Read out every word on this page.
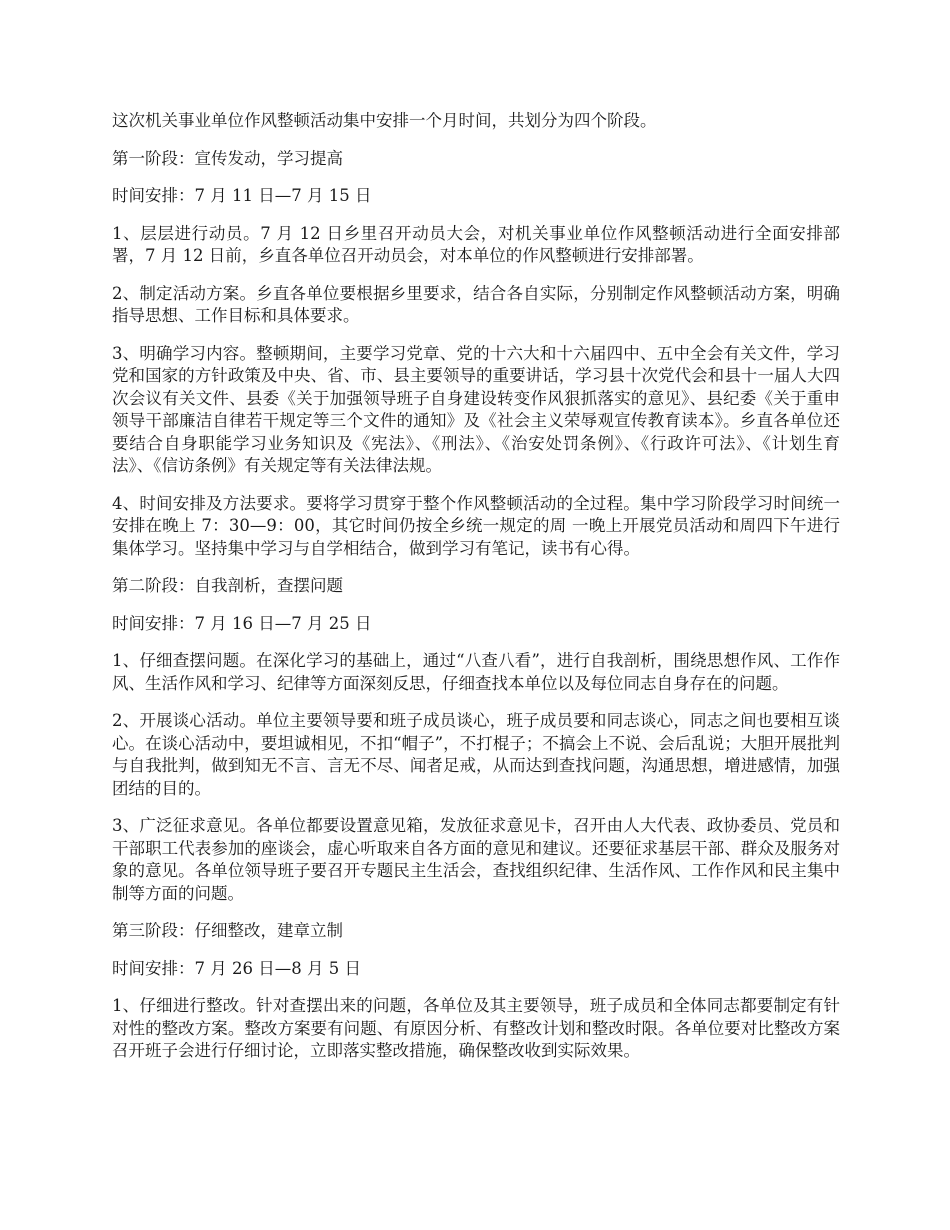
这次机关事业单位作风整顿活动集中安排一个月时间，共划分为四个阶段。

第一阶段：宣传发动，学习提高

时间安排：7 月 11 日—7 月 15 日

1、层层进行动员。7 月 12 日乡里召开动员大会，对机关事业单位作风整顿活动进行全面安排部署，7 月 12 日前，乡直各单位召开动员会，对本单位的作风整顿进行安排部署。

2、制定活动方案。乡直各单位要根据乡里要求，结合各自实际，分别制定作风整顿活动方案，明确指导思想、工作目标和具体要求。

3、明确学习内容。整顿期间，主要学习党章、党的十六大和十六届四中、五中全会有关文件，学习党和国家的方针政策及中央、省、市、县主要领导的重要讲话，学习县十次党代会和县十一届人大四次会议有关文件、县委《关于加强领导班子自身建设转变作风狠抓落实的意见》、县纪委《关于重申领导干部廉洁自律若干规定等三个文件的通知》及《社会主义荣辱观宣传教育读本》。乡直各单位还要结合自身职能学习业务知识及《宪法》、《刑法》、《治安处罚条例》、《行政许可法》、《计划生育法》、《信访条例》有关规定等有关法律法规。

4、时间安排及方法要求。要将学习贯穿于整个作风整顿活动的全过程。集中学习阶段学习时间统一安排在晚上 7：30—9：00，其它时间仍按全乡统一规定的周 一晚上开展党员活动和周四下午进行集体学习。坚持集中学习与自学相结合，做到学习有笔记，读书有心得。

第二阶段：自我剖析，查摆问题

时间安排：7 月 16 日—7 月 25 日

1、仔细查摆问题。在深化学习的基础上，通过“八查八看”，进行自我剖析，围绕思想作风、工作作风、生活作风和学习、纪律等方面深刻反思，仔细查找本单位以及每位同志自身存在的问题。

2、开展谈心活动。单位主要领导要和班子成员谈心，班子成员要和同志谈心，同志之间也要相互谈心。在谈心活动中，要坦诚相见，不扣“帽子”，不打棍子；不搞会上不说、会后乱说；大胆开展批判与自我批判，做到知无不言、言无不尽、闻者足戒，从而达到查找问题，沟通思想，增进感情，加强团结的目的。

3、广泛征求意见。各单位都要设置意见箱，发放征求意见卡，召开由人大代表、政协委员、党员和干部职工代表参加的座谈会，虚心听取来自各方面的意见和建议。还要征求基层干部、群众及服务对象的意见。各单位领导班子要召开专题民主生活会，查找组织纪律、生活作风、工作作风和民主集中制等方面的问题。

第三阶段：仔细整改，建章立制

时间安排：7 月 26 日—8 月 5 日

1、仔细进行整改。针对查摆出来的问题，各单位及其主要领导，班子成员和全体同志都要制定有针对性的整改方案。整改方案要有问题、有原因分析、有整改计划和整改时限。各单位要对比整改方案召开班子会进行仔细讨论，立即落实整改措施，确保整改收到实际效果。
